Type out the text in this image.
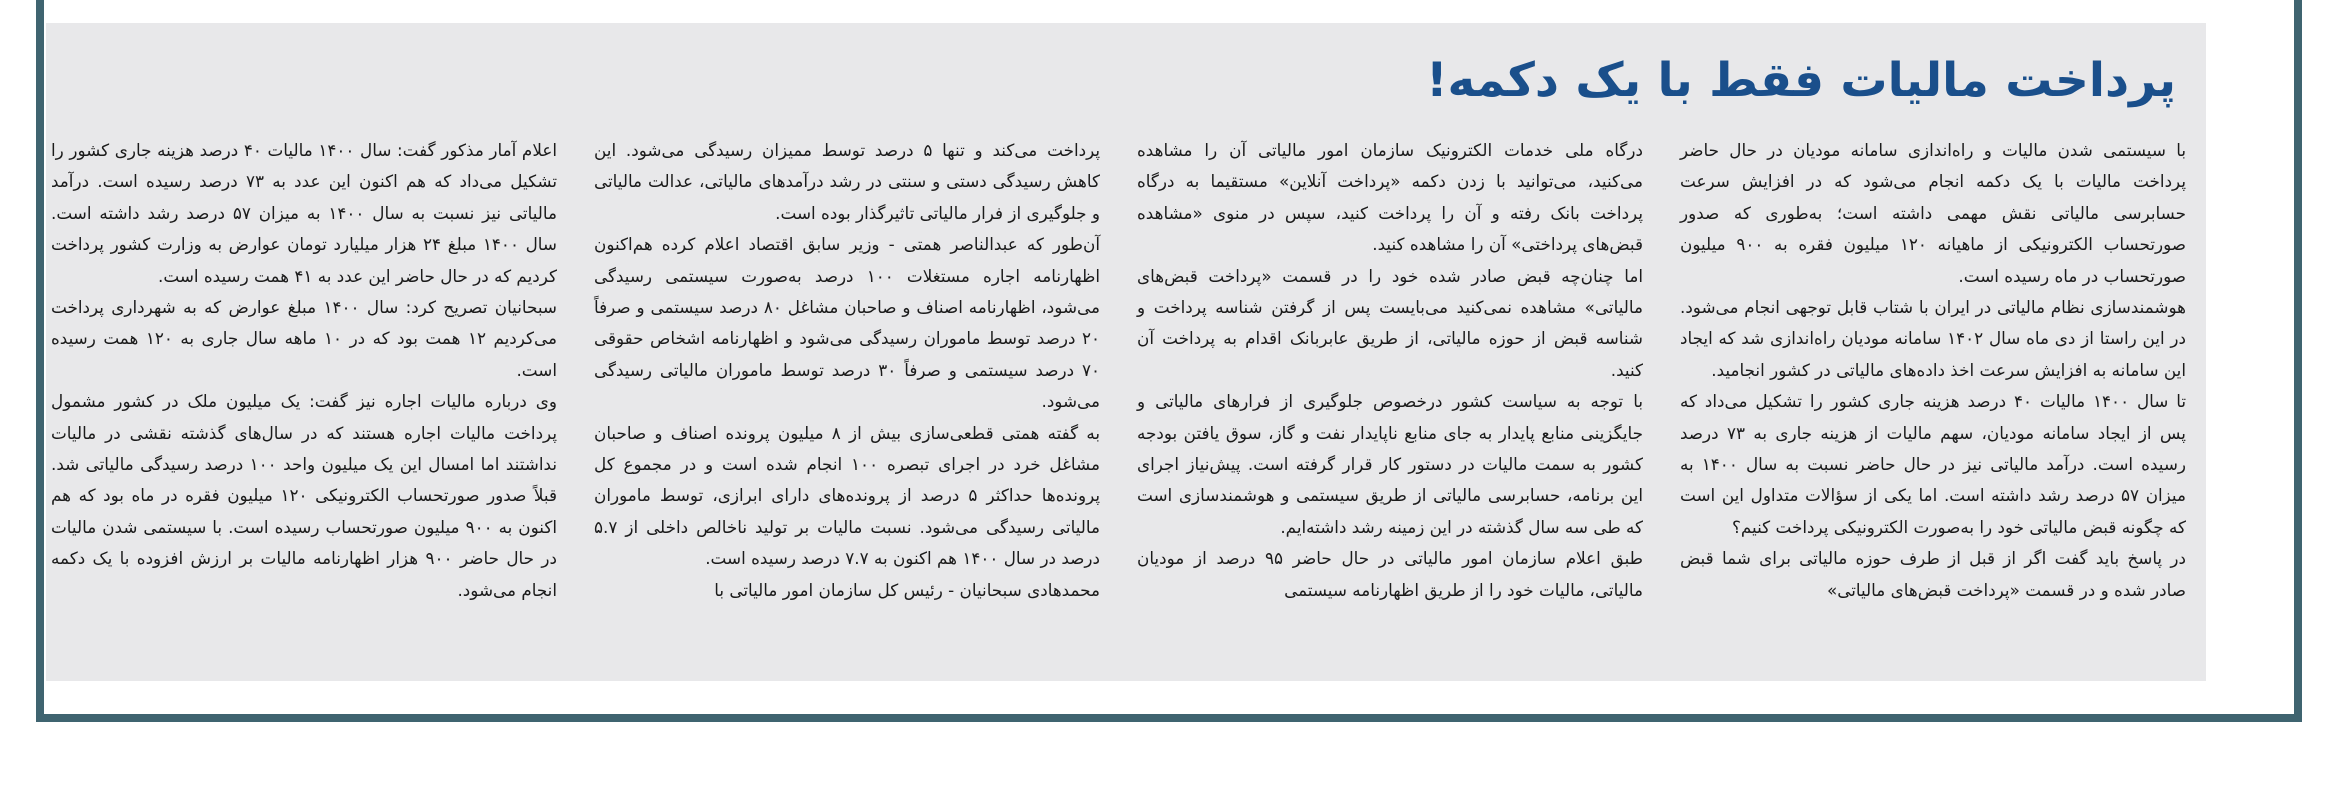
پرداخت مالیات فقط با یک دکمه!

با سیستمی شدن مالیات و راه‌اندازی سامانه مودیان در حال حاضر پرداخت مالیات با یک دکمه انجام می‌شود که در افزایش سرعت حسابرسی مالیاتی نقش مهمی داشته است؛ به‌طوری که صدور صورتحساب الکترونیکی از ماهیانه ۱۲۰ میلیون فقره به ۹۰۰ میلیون صورتحساب در ماه رسیده است.

هوشمندسازی نظام مالیاتی در ایران با شتاب قابل توجهی انجام می‌شود. در این راستا از دی ماه سال ۱۴۰۲ سامانه مودیان راه‌اندازی شد که ایجاد این سامانه به افزایش سرعت اخذ داده‌های مالیاتی در کشور انجامید.

تا سال ۱۴۰۰ مالیات ۴۰ درصد هزینه جاری کشور را تشکیل می‌داد که پس از ایجاد سامانه مودیان، سهم مالیات از هزینه جاری به ۷۳ درصد رسیده است. درآمد مالیاتی نیز در حال حاضر نسبت به سال ۱۴۰۰ به میزان ۵۷ درصد رشد داشته است. اما یکی از سؤالات متداول این است که چگونه قبض مالیاتی خود را به‌صورت الکترونیکی پرداخت کنیم؟

در پاسخ باید گفت اگر از قبل از طرف حوزه مالیاتی برای شما قبض صادر شده و در قسمت «پرداخت قبض‌های مالیاتی»

درگاه ملی خدمات الکترونیک سازمان امور مالیاتی آن را مشاهده می‌کنید، می‌توانید با زدن دکمه «پرداخت آنلاین» مستقیما به درگاه پرداخت بانک رفته و آن را پرداخت کنید، سپس در منوی «مشاهده قبض‌های پرداختی» آن را مشاهده کنید.

اما چنان‌چه قبض صادر شده خود را در قسمت «پرداخت قبض‌های مالیاتی» مشاهده نمی‌کنید می‌بایست پس از گرفتن شناسه پرداخت و شناسه قبض از حوزه مالیاتی، از طریق عابربانک اقدام به پرداخت آن کنید.

با توجه به سیاست کشور درخصوص جلوگیری از فرارهای مالیاتی و جایگزینی منابع پایدار به جای منابع ناپایدار نفت و گاز، سوق یافتن بودجه کشور به سمت مالیات در دستور کار قرار گرفته است. پیش‌نیاز اجرای این برنامه، حسابرسی مالیاتی از طریق سیستمی و هوشمندسازی است که طی سه سال گذشته در این زمینه رشد داشته‌ایم.

طبق اعلام سازمان امور مالیاتی در حال حاضر ۹۵ درصد از مودیان مالیاتی، مالیات خود را از طریق اظهارنامه سیستمی

پرداخت می‌کند و تنها ۵ درصد توسط ممیزان رسیدگی می‌شود. این کاهش رسیدگی دستی و سنتی در رشد درآمدهای مالیاتی، عدالت مالیاتی و جلوگیری از فرار مالیاتی تاثیرگذار بوده است.

آن‌طور که عبدالناصر همتی - وزیر سابق اقتصاد اعلام کرده هم‌اکنون اظهارنامه اجاره مستغلات ۱۰۰ درصد به‌صورت سیستمی رسیدگی می‌شود، اظهارنامه اصناف و صاحبان مشاغل ۸۰ درصد سیستمی و صرفاً ۲۰ درصد توسط ماموران رسیدگی می‌شود و اظهارنامه اشخاص حقوقی ۷۰ درصد سیستمی و صرفاً ۳۰ درصد توسط ماموران مالیاتی رسیدگی می‌شود.

به گفته همتی قطعی‌سازی بیش از ۸ میلیون پرونده اصناف و صاحبان مشاغل خرد در اجرای تبصره ۱۰۰ انجام شده است و در مجموع کل پرونده‌ها حداکثر ۵ درصد از پرونده‌های دارای ابرازی، توسط ماموران مالیاتی رسیدگی می‌شود. نسبت مالیات بر تولید ناخالص داخلی از ۵.۷ درصد در سال ۱۴۰۰ هم اکنون به ۷.۷ درصد رسیده است.

محمدهادی سبحانیان - رئیس کل سازمان امور مالیاتی با

اعلام آمار مذکور گفت: سال ۱۴۰۰ مالیات ۴۰ درصد هزینه جاری کشور را تشکیل می‌داد که هم اکنون این عدد به ۷۳ درصد رسیده است. درآمد مالیاتی نیز نسبت به سال ۱۴۰۰ به میزان ۵۷ درصد رشد داشته است. سال ۱۴۰۰ مبلغ ۲۴ هزار میلیارد تومان عوارض به وزارت کشور پرداخت کردیم که در حال حاضر این عدد به ۴۱ همت رسیده است.

سبحانیان تصریح کرد: سال ۱۴۰۰ مبلغ عوارض که به شهرداری پرداخت می‌کردیم ۱۲ همت بود که در ۱۰ ماهه سال جاری به ۱۲۰ همت رسیده است.

وی درباره مالیات اجاره نیز گفت: یک میلیون ملک در کشور مشمول پرداخت مالیات اجاره هستند که در سال‌های گذشته نقشی در مالیات نداشتند اما امسال این یک میلیون واحد ۱۰۰ درصد رسیدگی مالیاتی شد. قبلاً صدور صورتحساب الکترونیکی ۱۲۰ میلیون فقره در ماه بود که هم اکنون به ۹۰۰ میلیون صورتحساب رسیده است. با سیستمی شدن مالیات در حال حاضر ۹۰۰ هزار اظهارنامه مالیات بر ارزش افزوده با یک دکمه انجام می‌شود.
